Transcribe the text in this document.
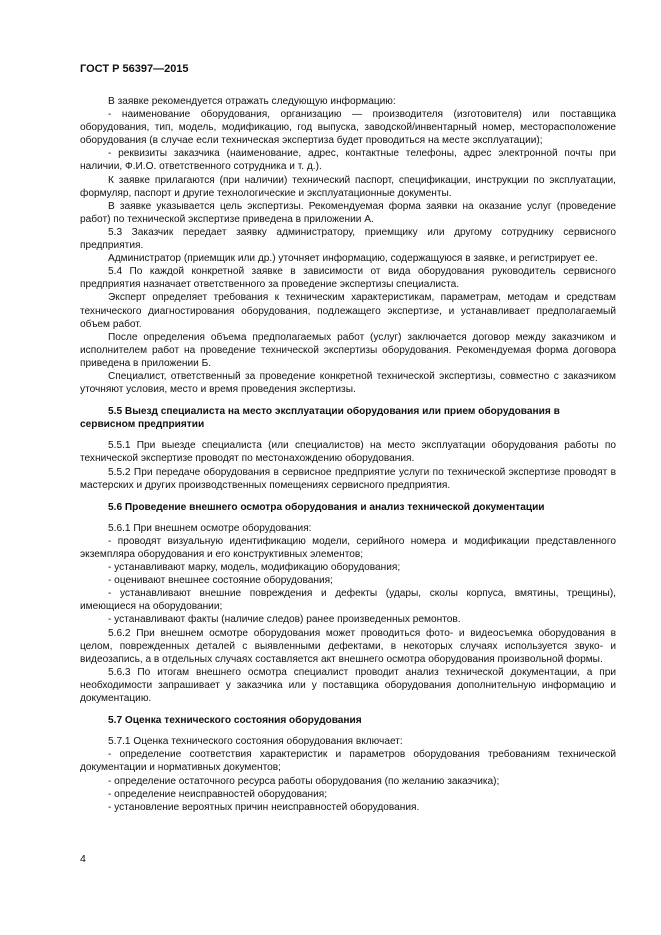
ГОСТ Р 56397—2015

В заявке рекомендуется отражать следующую информацию:

- наименование оборудования, организацию — производителя (изготовителя) или поставщика оборудования, тип, модель, модификацию, год выпуска, заводской/инвентарный номер, месторасположение оборудования (в случае если техническая экспертиза будет проводиться на месте эксплуатации);

- реквизиты заказчика (наименование, адрес, контактные телефоны, адрес электронной почты при наличии, Ф.И.О. ответственного сотрудника и т. д.).

К заявке прилагаются (при наличии) технический паспорт, спецификации, инструкции по эксплуатации, формуляр, паспорт и другие технологические и эксплуатационные документы.

В заявке указывается цель экспертизы. Рекомендуемая форма заявки на оказание услуг (проведение работ) по технической экспертизе приведена в приложении А.

5.3 Заказчик передает заявку администратору, приемщику или другому сотруднику сервисного предприятия.

Администратор (приемщик или др.) уточняет информацию, содержащуюся в заявке, и регистрирует ее.

5.4 По каждой конкретной заявке в зависимости от вида оборудования руководитель сервисного предприятия назначает ответственного за проведение экспертизы специалиста.

Эксперт определяет требования к техническим характеристикам, параметрам, методам и средствам технического диагностирования оборудования, подлежащего экспертизе, и устанавливает предполагаемый объем работ.

После определения объема предполагаемых работ (услуг) заключается договор между заказчиком и исполнителем работ на проведение технической экспертизы оборудования. Рекомендуемая форма договора приведена в приложении Б.

Специалист, ответственный за проведение конкретной технической экспертизы, совместно с заказчиком уточняют условия, место и время проведения экспертизы.

5.5 Выезд специалиста на место эксплуатации оборудования или прием оборудования в сервисном предприятии

5.5.1 При выезде специалиста (или специалистов) на место эксплуатации оборудования работы по технической экспертизе проводят по местонахождению оборудования.

5.5.2 При передаче оборудования в сервисное предприятие услуги по технической экспертизе проводят в мастерских и других производственных помещениях сервисного предприятия.

5.6 Проведение внешнего осмотра оборудования и анализ технической документации

5.6.1 При внешнем осмотре оборудования:

- проводят визуальную идентификацию модели, серийного номера и модификации представленного экземпляра оборудования и его конструктивных элементов;

- устанавливают марку, модель, модификацию оборудования;

- оценивают внешнее состояние оборудования;

- устанавливают внешние повреждения и дефекты (удары, сколы корпуса, вмятины, трещины), имеющиеся на оборудовании;

- устанавливают факты (наличие следов) ранее произведенных ремонтов.

5.6.2 При внешнем осмотре оборудования может проводиться фото- и видеосъемка оборудования в целом, поврежденных деталей с выявленными дефектами, в некоторых случаях используется звуко- и видеозапись, а в отдельных случаях составляется акт внешнего осмотра оборудования произвольной формы.

5.6.3 По итогам внешнего осмотра специалист проводит анализ технической документации, а при необходимости запрашивает у заказчика или у поставщика оборудования дополнительную информацию и документацию.

5.7 Оценка технического состояния оборудования

5.7.1 Оценка технического состояния оборудования включает:

- определение соответствия характеристик и параметров оборудования требованиям технической документации и нормативных документов;

- определение остаточного ресурса работы оборудования (по желанию заказчика);

- определение неисправностей оборудования;

- установление вероятных причин неисправностей оборудования.

4
